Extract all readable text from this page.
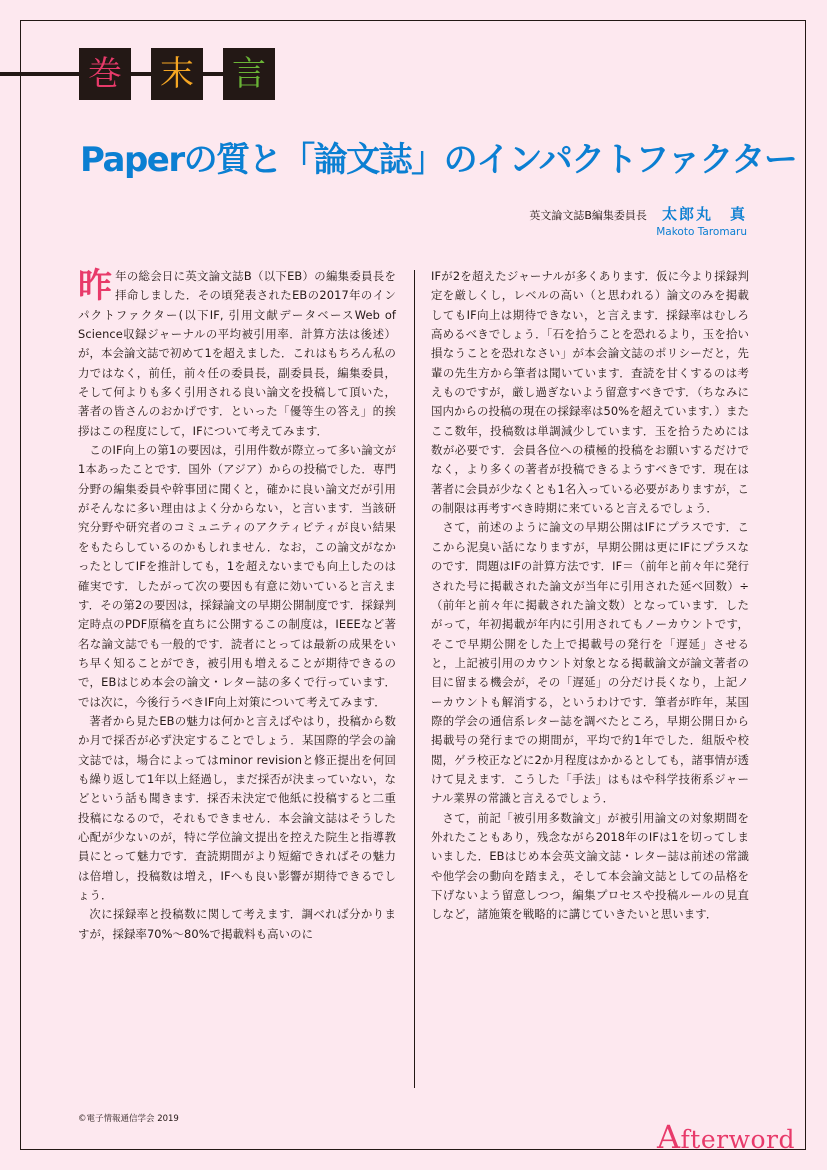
巻 末 言
Paperの質と「論文誌」のインパクトファクター
英文論文誌B編集委員長 太郎丸　真
Makoto Taromaru

昨年の総会日に英文論文誌B（以下EB）の編集委員長を拝命しました．その頃発表されたEBの2017年のインパクトファクター(以下IF, 引用文献データベースWeb of Science収録ジャーナルの平均被引用率．計算方法は後述）が，本会論文誌で初めて1を超えました．これはもちろん私の力ではなく，前任，前々任の委員長，副委員長，編集委員，そして何よりも多く引用される良い論文を投稿して頂いた，著者の皆さんのおかげです．といった「優等生の答え」的挨拶はこの程度にして，IFについて考えてみます．

このIF向上の第1の要因は，引用件数が際立って多い論文が1本あったことです．国外（アジア）からの投稿でした．専門分野の編集委員や幹事団に聞くと，確かに良い論文だが引用がそんなに多い理由はよく分からない，と言います．当該研究分野や研究者のコミュニティのアクティビティが良い結果をもたらしているのかもしれません．なお，この論文がなかったとしてIFを推計しても，1を超えないまでも向上したのは確実です．したがって次の要因も有意に効いていると言えます．その第2の要因は，採録論文の早期公開制度です．採録判定時点のPDF原稿を直ちに公開するこの制度は，IEEEなど著名な論文誌でも一般的です．読者にとっては最新の成果をいち早く知ることができ，被引用も増えることが期待できるので，EBはじめ本会の論文・レター誌の多くで行っています．では次に，今後行うべきIF向上対策について考えてみます．

著者から見たEBの魅力は何かと言えばやはり，投稿から数か月で採否が必ず決定することでしょう．某国際的学会の論文誌では，場合によってはminor revisionと修正提出を何回も繰り返して1年以上経過し，まだ採否が決まっていない，などという話も聞きます．採否未決定で他紙に投稿すると二重投稿になるので，それもできません．本会論文誌はそうした心配が少ないのが，特に学位論文提出を控えた院生と指導教員にとって魅力です．査読期間がより短縮できればその魅力は倍増し，投稿数は増え，IFへも良い影響が期待できるでしょう．

次に採録率と投稿数に関して考えます．調べれば分かりますが，採録率70%～80%で掲載料も高いのに

IFが2を超えたジャーナルが多くあります．仮に今より採録判定を厳しくし，レベルの高い（と思われる）論文のみを掲載してもIF向上は期待できない，と言えます．採録率はむしろ高めるべきでしょう．「石を拾うことを恐れるより，玉を拾い損なうことを恐れなさい」が本会論文誌のポリシーだと，先輩の先生方から筆者は聞いています．査読を甘くするのは考えものですが，厳し過ぎないよう留意すべきです．（ちなみに国内からの投稿の現在の採録率は50%を超えています．）また ここ数年，投稿数は単調減少しています．玉を拾うためには数が必要です．会員各位への積極的投稿をお願いするだけでなく，より多くの著者が投稿できるようすべきです．現在は著者に会員が少なくとも1名入っている必要がありますが，この制限は再考すべき時期に来ていると言えるでしょう．

さて，前述のように論文の早期公開はIFにプラスです．ここから泥臭い話になりますが，早期公開は更にIFにプラスなのです．問題はIFの計算方法です．IF＝（前年と前々年に発行された号に掲載された論文が当年に引用された延べ回数）÷（前年と前々年に掲載された論文数）となっています．したがって，年初掲載が年内に引用されてもノーカウントです，そこで早期公開をした上で掲載号の発行を「遅延」させると，上記被引用のカウント対象となる掲載論文が論文著者の目に留まる機会が，その「遅延」の分だけ長くなり，上記ノーカウントも解消する，というわけです．筆者が昨年，某国際的学会の通信系レター誌を調べたところ，早期公開日から掲載号の発行までの期間が，平均で約1年でした．組版や校閲，ゲラ校正などに2か月程度はかかるとしても，諸事情が透けて見えます．こうした「手法」はもはや科学技術系ジャーナル業界の常識と言えるでしょう．

さて，前記「被引用多数論文」が被引用論文の対象期間を外れたこともあり，残念ながら2018年のIFは1を切ってしまいました．EBはじめ本会英文論文誌・レター誌は前述の常識や他学会の動向を踏まえ，そして本会論文誌としての品格を下げないよう留意しつつ，編集プロセスや投稿ルールの見直しなど，諸施策を戦略的に講じていきたいと思います．

©電子情報通信学会 2019	Afterword
